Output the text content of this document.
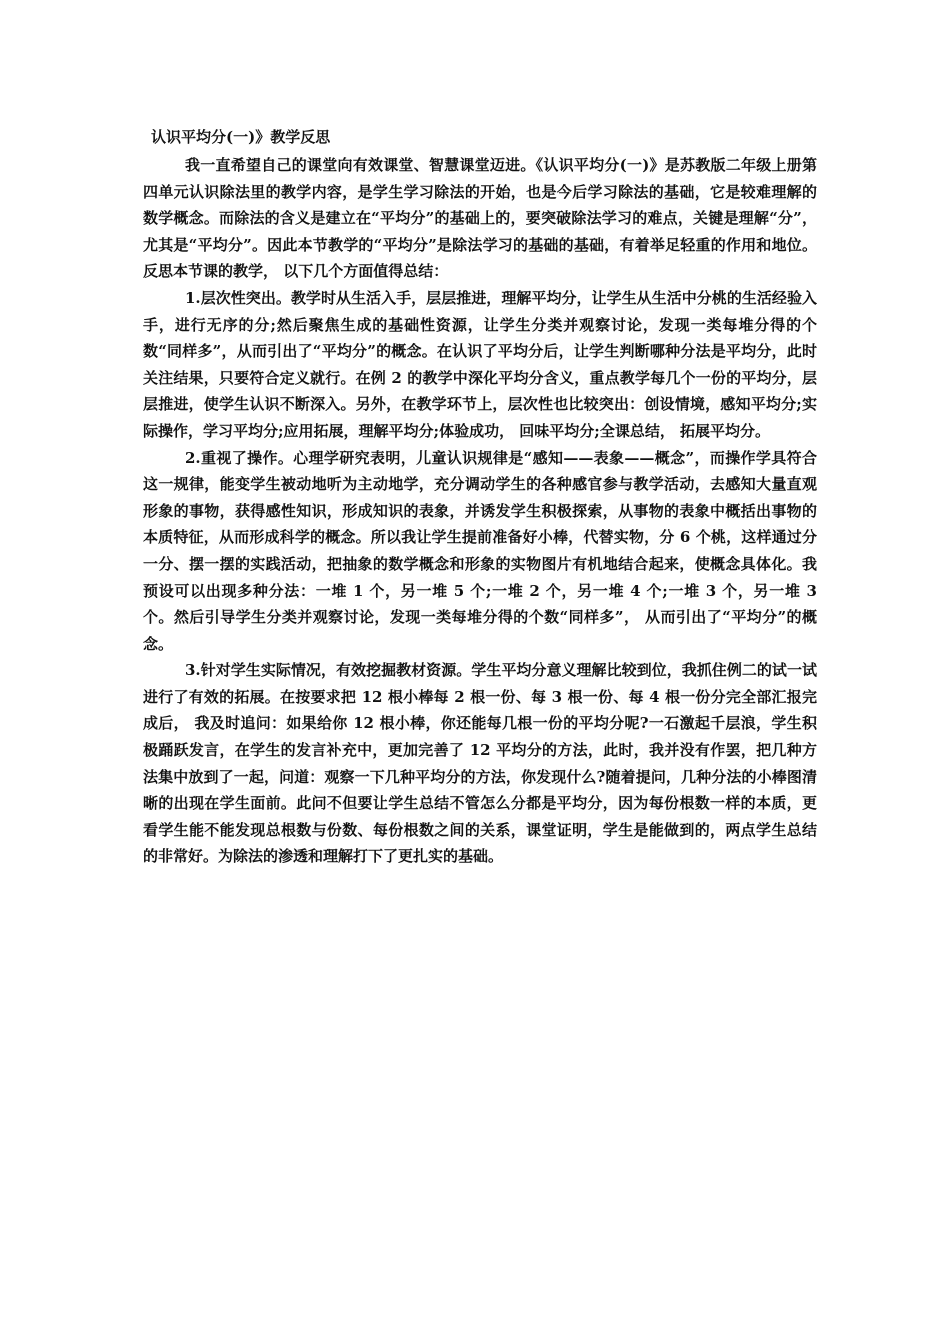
认识平均分(一)》教学反思

我一直希望自己的课堂向有效课堂、智慧课堂迈进。《认识平均分(一)》是苏教版二年级上册第四单元认识除法里的教学内容，是学生学习除法的开始，也是今后学习除法的基础，它是较难理解的数学概念。而除法的含义是建立在“平均分”的基础上的，要突破除法学习的难点，关键是理解“分”，尤其是“平均分”。因此本节教学的“平均分”是除法学习的基础的基础，有着举足轻重的作用和地位。 反思本节课的教学， 以下几个方面值得总结：

1.层次性突出。教学时从生活入手，层层推进，理解平均分，让学生从生活中分桃的生活经验入手，进行无序的分;然后聚焦生成的基础性资源，让学生分类并观察讨论，发现一类每堆分得的个数“同样多”，从而引出了“平均分”的概念。在认识了平均分后，让学生判断哪种分法是平均分，此时关注结果，只要符合定义就行。在例 2 的教学中深化平均分含义，重点教学每几个一份的平均分，层层推进，使学生认识不断深入。另外，在教学环节上，层次性也比较突出：创设情境，感知平均分;实际操作，学习平均分;应用拓展，理解平均分;体验成功， 回味平均分;全课总结， 拓展平均分。

2.重视了操作。心理学研究表明，儿童认识规律是“感知——表象——概念”，而操作学具符合这一规律，能变学生被动地听为主动地学，充分调动学生的各种感官参与教学活动，去感知大量直观形象的事物，获得感性知识，形成知识的表象，并诱发学生积极探索，从事物的表象中概括出事物的本质特征，从而形成科学的概念。所以我让学生提前准备好小棒，代替实物，分 6 个桃，这样通过分一分、摆一摆的实践活动，把抽象的数学概念和形象的实物图片有机地结合起来，使概念具体化。我预设可以出现多种分法：一堆 1 个，另一堆 5 个;一堆 2 个，另一堆 4 个;一堆 3 个，另一堆 3 个。然后引导学生分类并观察讨论，发现一类每堆分得的个数“同样多”， 从而引出了“平均分”的概念。

3.针对学生实际情况，有效挖掘教材资源。学生平均分意义理解比较到位，我抓住例二的试一试进行了有效的拓展。在按要求把 12 根小棒每 2 根一份、每 3 根一份、每 4 根一份分完全部汇报完成后， 我及时追问：如果给你 12 根小棒，你还能每几根一份的平均分呢?一石激起千层浪，学生积极踊跃发言，在学生的发言补充中，更加完善了 12 平均分的方法，此时，我并没有作罢，把几种方法集中放到了一起，问道：观察一下几种平均分的方法，你发现什么?随着提问，几种分法的小棒图清晰的出现在学生面前。此问不但要让学生总结不管怎么分都是平均分，因为每份根数一样的本质，更看学生能不能发现总根数与份数、每份根数之间的关系，课堂证明，学生是能做到的，两点学生总结的非常好。为除法的渗透和理解打下了更扎实的基础。
